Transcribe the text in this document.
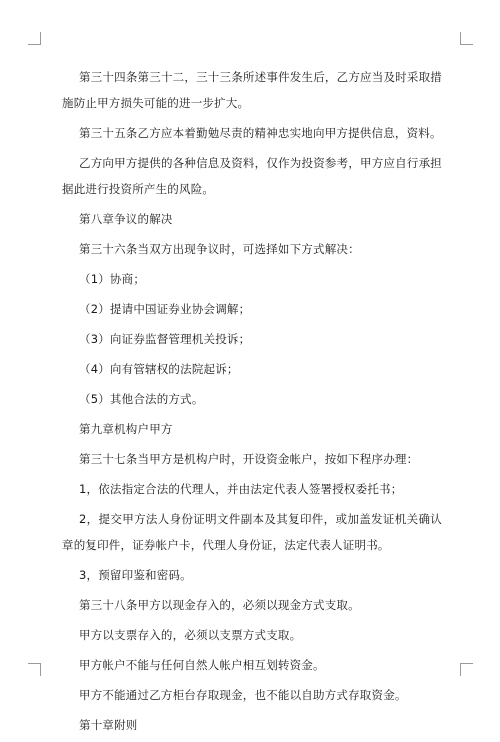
第三十四条第三十二，三十三条所述事件发生后，乙方应当及时采取措施防止甲方损失可能的进一步扩大。

第三十五条乙方应本着勤勉尽责的精神忠实地向甲方提供信息，资料。

乙方向甲方提供的各种信息及资料，仅作为投资参考，甲方应自行承担据此进行投资所产生的风险。

第八章争议的解决

第三十六条当双方出现争议时，可选择如下方式解决：

（1）协商；

（2）提请中国证券业协会调解；

（3）向证券监督管理机关投诉；

（4）向有管辖权的法院起诉；

（5）其他合法的方式。

第九章机构户甲方

第三十七条当甲方是机构户时，开设资金帐户，按如下程序办理：

1，依法指定合法的代理人，并由法定代表人签署授权委托书；

2，提交甲方法人身份证明文件副本及其复印件，或加盖发证机关确认章的复印件，证券帐户卡，代理人身份证，法定代表人证明书。

3，预留印鉴和密码。

第三十八条甲方以现金存入的，必须以现金方式支取。

甲方以支票存入的，必须以支票方式支取。

甲方帐户不能与任何自然人帐户相互划转资金。

甲方不能通过乙方柜台存取现金，也不能以自助方式存取资金。

第十章附则
